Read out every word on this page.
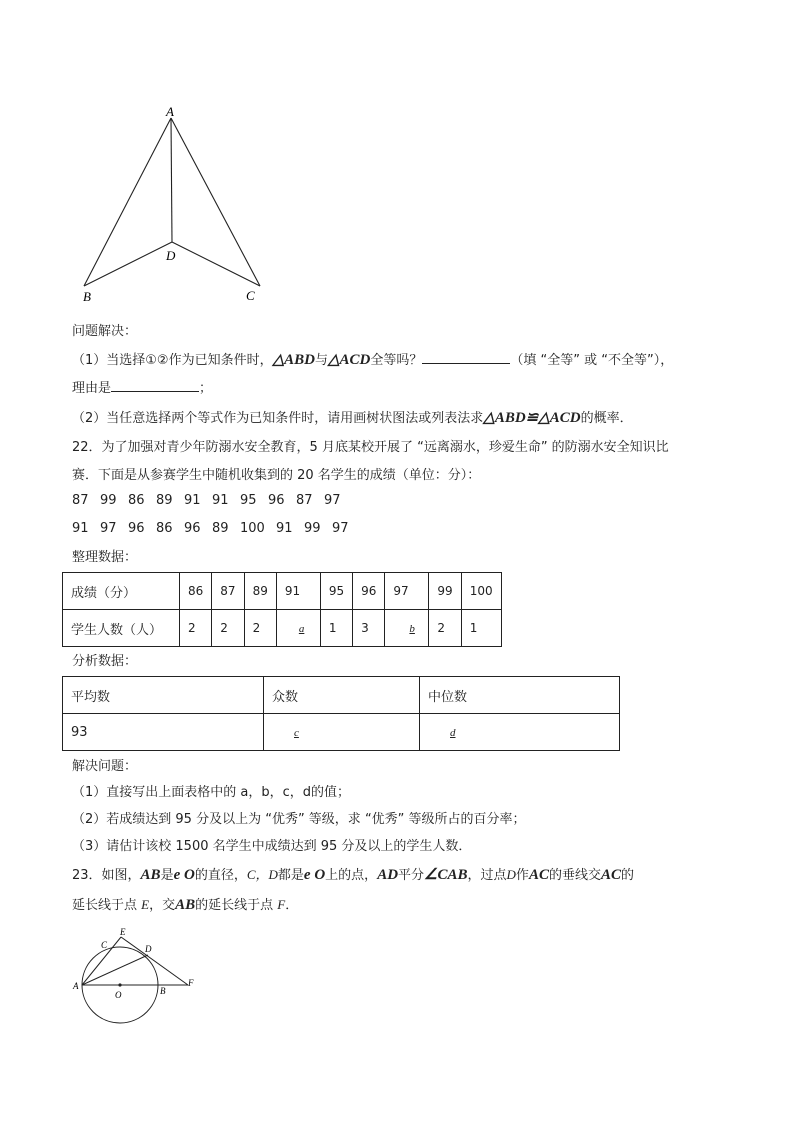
A
B	C
D
问题解决：
（1）当选择①②作为已知条件时，△ABD与△ACD全等吗？	（填 “全等” 或 “不全等”），
理由是	；
（2）当任意选择两个等式作为已知条件时，请用画树状图法或列表法求△ABD≌△ACD的概率．
22．为了加强对青少年防溺水安全教育，5 月底某校开展了 “远离溺水，珍爱生命” 的防溺水安全知识比
赛．下面是从参赛学生中随机收集到的 20 名学生的成绩（单位：分）：
87 99 86 89 91 91 95 96 87 97
91 97 96 86 96 89 100 91 99 97
整理数据：
成绩（分）	86	87	89	91	95	96	97	99	100
学生人数（人）	2	2	2	a	1	3	b	2	1
分析数据：
平均数	众数	中位数
93	c	d
解决问题：
（1）直接写出上面表格中的 a，b，c，d的值；
（2）若成绩达到 95 分及以上为 “优秀” 等级，求 “优秀” 等级所占的百分率；
（3）请估计该校 1500 名学生中成绩达到 95 分及以上的学生人数．
23．如图，AB是e O的直径，C，D都是e O上的点，AD平分∠CAB，过点D作AC的垂线交AC的
延长线于点 E，交AB的延长线于点 F．
A
O	B
F
C
E
D
